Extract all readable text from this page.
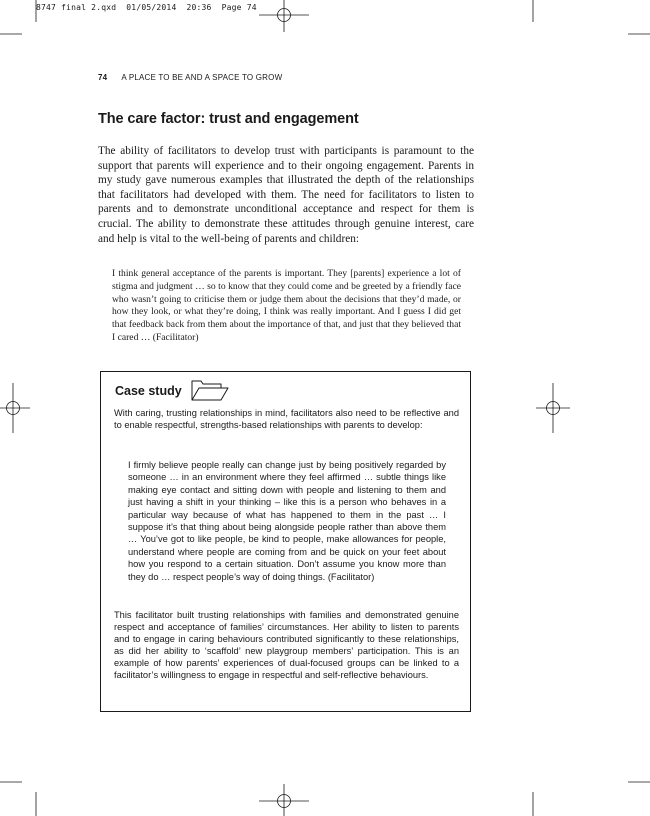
8747 final 2.qxd  01/05/2014  20:36  Page 74
74 A PLACE TO BE AND A SPACE TO GROW
The care factor: trust and engagement

The ability of facilitators to develop trust with participants is paramount to the support that parents will experience and to their ongoing engagement. Parents in my study gave numerous examples that illustrated the depth of the relationships that facilitators had developed with them. The need for facilitators to listen to parents and to demonstrate unconditional acceptance and respect for them is crucial. The ability to demonstrate these attitudes through genuine interest, care and help is vital to the well-being of parents and children:

I think general acceptance of the parents is important. They [parents] experience a lot of stigma and judgment … so to know that they could come and be greeted by a friendly face who wasn’t going to criticise them or judge them about the decisions that they’d made, or how they look, or what they’re doing, I think was really important. And I guess I did get that feedback back from them about the importance of that, and just that they believed that I cared … (Facilitator)

Case study

With caring, trusting relationships in mind, facilitators also need to be reflective and to enable respectful, strengths-based relationships with parents to develop:

I firmly believe people really can change just by being positively regarded by someone … in an environment where they feel affirmed … subtle things like making eye contact and sitting down with people and listening to them and just having a shift in your thinking – like this is a person who behaves in a particular way because of what has happened to them in the past … I suppose it’s that thing about being alongside people rather than above them … You’ve got to like people, be kind to people, make allowances for people, understand where people are coming from and be quick on your feet about how you respond to a certain situation. Don’t assume you know more than they do … respect people’s way of doing things. (Facilitator)

This facilitator built trusting relationships with families and demonstrated genuine respect and acceptance of families’ circumstances. Her ability to listen to parents and to engage in caring behaviours contributed significantly to these relationships, as did her ability to ‘scaffold’ new playgroup members’ participation. This is an example of how parents’ experiences of dual-focused groups can be linked to a facilitator’s willingness to engage in respectful and self-reflective behaviours.
